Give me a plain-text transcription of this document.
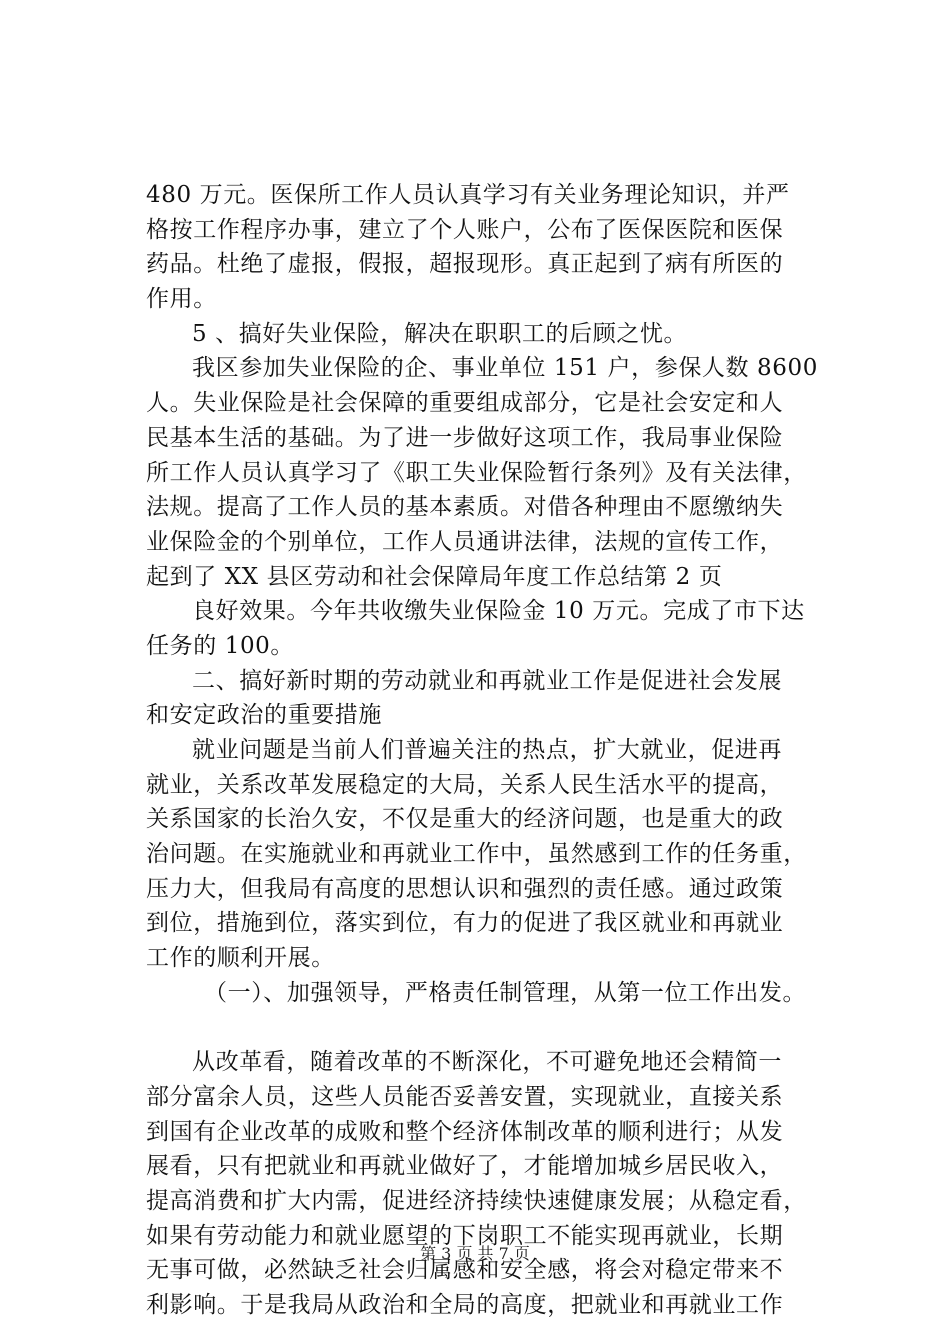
480 万元。医保所工作人员认真学习有关业务理论知识，并严
格按工作程序办事，建立了个人账户，公布了医保医院和医保
药品。杜绝了虚报，假报，超报现形。真正起到了病有所医的
作用。
5 、搞好失业保险，解决在职职工的后顾之忧。
我区参加失业保险的企、事业单位 151 户，参保人数 8600
人。失业保险是社会保障的重要组成部分，它是社会安定和人
民基本生活的基础。为了进一步做好这项工作，我局事业保险
所工作人员认真学习了《职工失业保险暂行条列》及有关法律，
法规。提高了工作人员的基本素质。对借各种理由不愿缴纳失
业保险金的个别单位，工作人员通讲法律，法规的宣传工作，
起到了 XX 县区劳动和社会保障局年度工作总结第 2 页
良好效果。今年共收缴失业保险金 10 万元。完成了市下达
任务的 100。
二、搞好新时期的劳动就业和再就业工作是促进社会发展
和安定政治的重要措施
就业问题是当前人们普遍关注的热点，扩大就业，促进再
就业，关系改革发展稳定的大局，关系人民生活水平的提高，
关系国家的长治久安，不仅是重大的经济问题，也是重大的政
治问题。在实施就业和再就业工作中，虽然感到工作的任务重，
压力大，但我局有高度的思想认识和强烈的责任感。通过政策
到位，措施到位，落实到位，有力的促进了我区就业和再就业
工作的顺利开展。
（一）、加强领导，严格责任制管理，从第一位工作出发。
从改革看，随着改革的不断深化，不可避免地还会精简一
部分富余人员，这些人员能否妥善安置，实现就业，直接关系
到国有企业改革的成败和整个经济体制改革的顺利进行；从发
展看，只有把就业和再就业做好了，才能增加城乡居民收入，
提高消费和扩大内需，促进经济持续快速健康发展；从稳定看，
如果有劳动能力和就业愿望的下岗职工不能实现再就业，长期
无事可做，必然缺乏社会归属感和安全感，将会对稳定带来不
利影响。于是我局从政治和全局的高度，把就业和再就业工作
第 3 页 共 7 页
